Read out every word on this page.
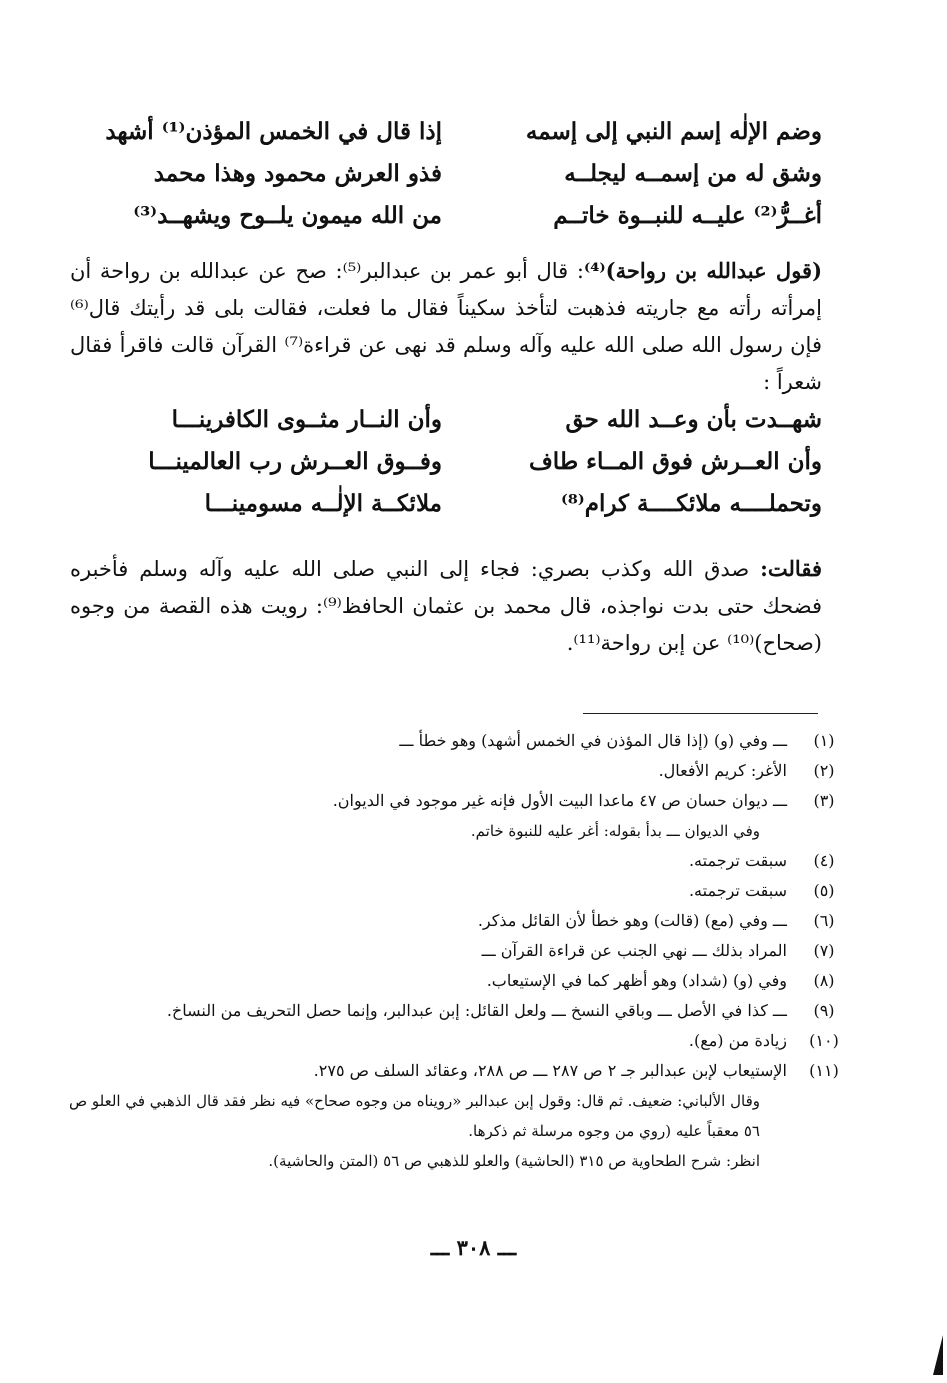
وضم الإلٰه إسم النبي إلى إسمه
إذا قال في الخمس المؤذن⁽¹⁾ أشهد
وشق له من إسمــه ليجلــه
فذو العرش محمود وهذا محمد
أغــرُّ⁽²⁾ عليــه للنبــوة خاتــم
من الله ميمون يلــوح ويشهــد⁽³⁾
(قول عبدالله بن رواحة)⁽⁴⁾: قال أبو عمر بن عبدالبر⁽⁵⁾: صح عن عبدالله بن رواحة أن إمرأته رأته مع جاريته فذهبت لتأخذ سكيناً فقال ما فعلت، فقالت بلى قد رأيتك قال⁽⁶⁾ فإن رسول الله صلى الله عليه وآله وسلم قد نهى عن قراءة⁽⁷⁾ القرآن قالت فاقرأ فقال شعراً :
شهــدت بأن وعــد الله حق
وأن النــار مثــوى الكافرينـــا
وأن العــرش فوق المــاء طاف
وفــوق العــرش رب العالمينـــا
وتحملــــه ملائكــــة كرام⁽⁸⁾
ملائكــة الإلٰــه مسومينـــا
فقالت: صدق الله وكذب بصري: فجاء إلى النبي صلى الله عليه وآله وسلم فأخبره فضحك حتى بدت نواجذه، قال محمد بن عثمان الحافظ⁽⁹⁾: رويت هذه القصة من وجوه (صحاح)⁽¹⁰⁾ عن إبن رواحة⁽¹¹⁾.
(١)
ـــ وفي (و) (إذا قال المؤذن في الخمس أشهد) وهو خطأ ـــ
(٢)
الأغر: كريم الأفعال.
(٣)
ـــ ديوان حسان ص ٤٧ ماعدا البيت الأول فإنه غير موجود في الديوان.
وفي الديوان ـــ بدأ بقوله: أغر عليه للنبوة خاتم.
(٤)
سبقت ترجمته.
(٥)
سبقت ترجمته.
(٦)
ـــ وفي (مع) (قالت) وهو خطأ لأن القائل مذكر.
(٧)
المراد بذلك ـــ نهي الجنب عن قراءة القرآن ـــ
(٨)
وفي (و) (شداد) وهو أظهر كما في الإستيعاب.
(٩)
ـــ كذا في الأصل ـــ وباقي النسخ ـــ ولعل القائل: إبن عبدالبر، وإنما حصل التحريف من النساخ.
(١٠)
زيادة من (مع).
(١١)
الإستيعاب لإبن عبدالبر جـ ٢ ص ٢٨٧ ـــ ص ٢٨٨، وعقائد السلف ص ٢٧٥.
وقال الألباني: ضعيف. ثم قال: وقول إبن عبدالبر «رويناه من وجوه صحاح» فيه نظر فقد قال الذهبي في العلو ص ٥٦ معقباً عليه (روي من وجوه مرسلة ثم ذكرها.
انظر: شرح الطحاوية ص ٣١٥ (الحاشية) والعلو للذهبي ص ٥٦ (المتن والحاشية).
ـــ ٣٠٨ ـــ
